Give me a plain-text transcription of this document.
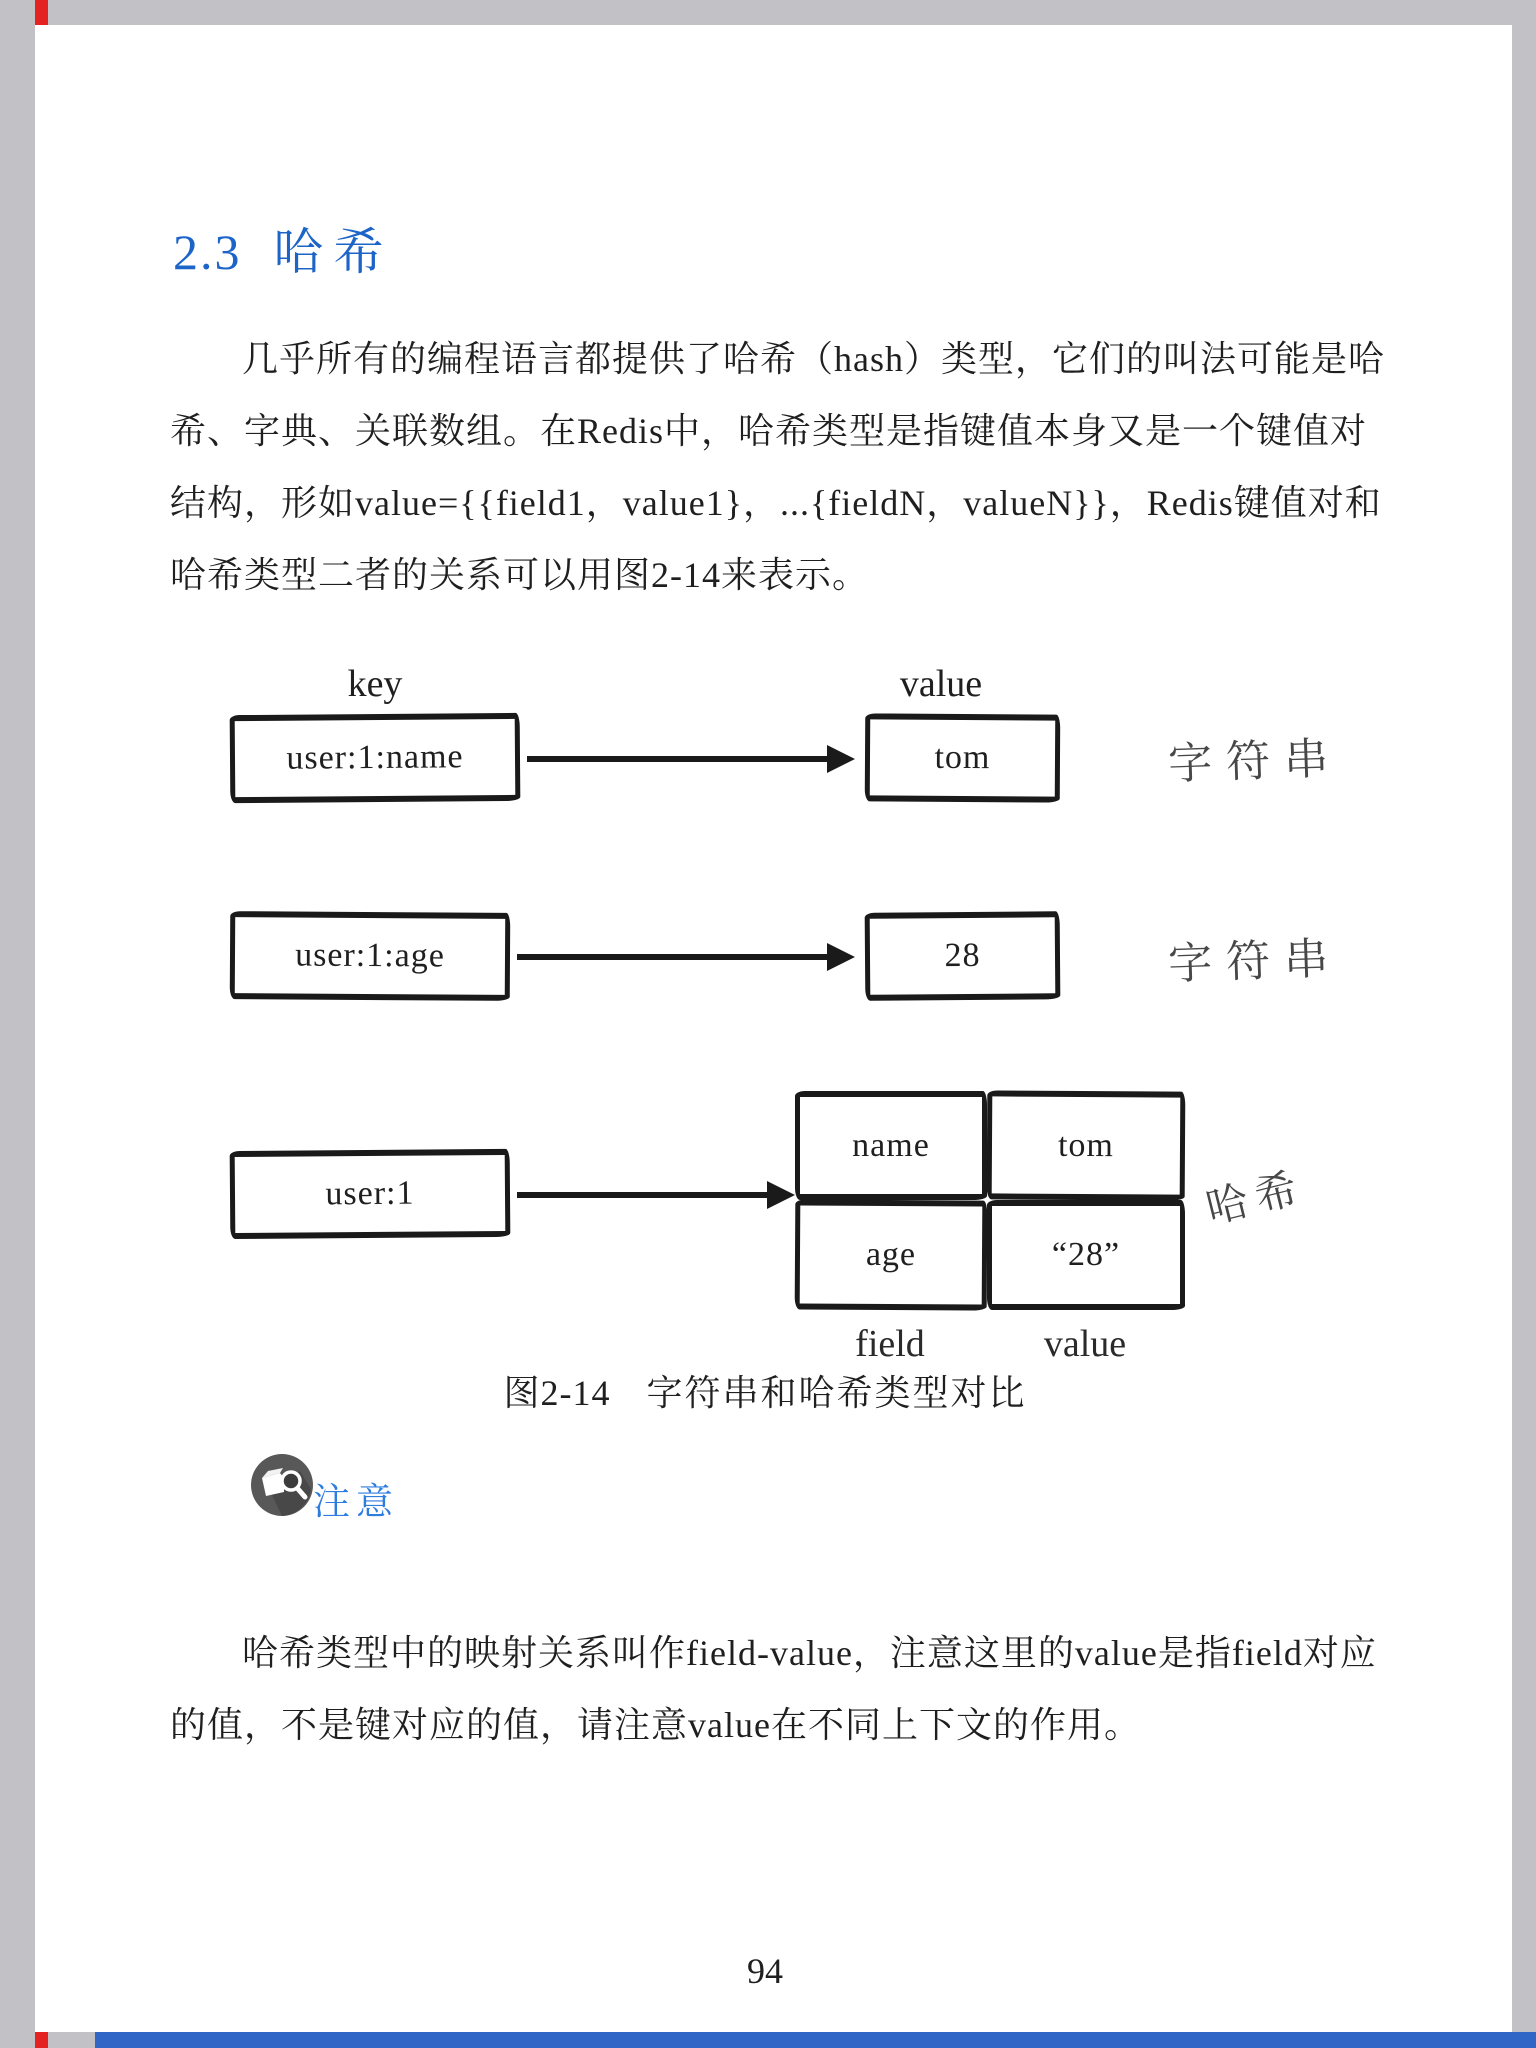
2.3 哈希
几乎所有的编程语言都提供了哈希（hash）类型，它们的叫法可能是哈
希、字典、关联数组。在Redis中，哈希类型是指键值本身又是一个键值对
结构，形如value={{field1，value1}，...{fieldN，valueN}}，Redis键值对和
哈希类型二者的关系可以用图2-14来表示。
key	value
user:1:name	tom	字符串
user:1:age	28	字符串
user:1
name	tom
age	“28”
哈希
field	value
图2-14 字符串和哈希类型对比
注意
哈希类型中的映射关系叫作field-value，注意这里的value是指field对应
的值，不是键对应的值，请注意value在不同上下文的作用。
94
